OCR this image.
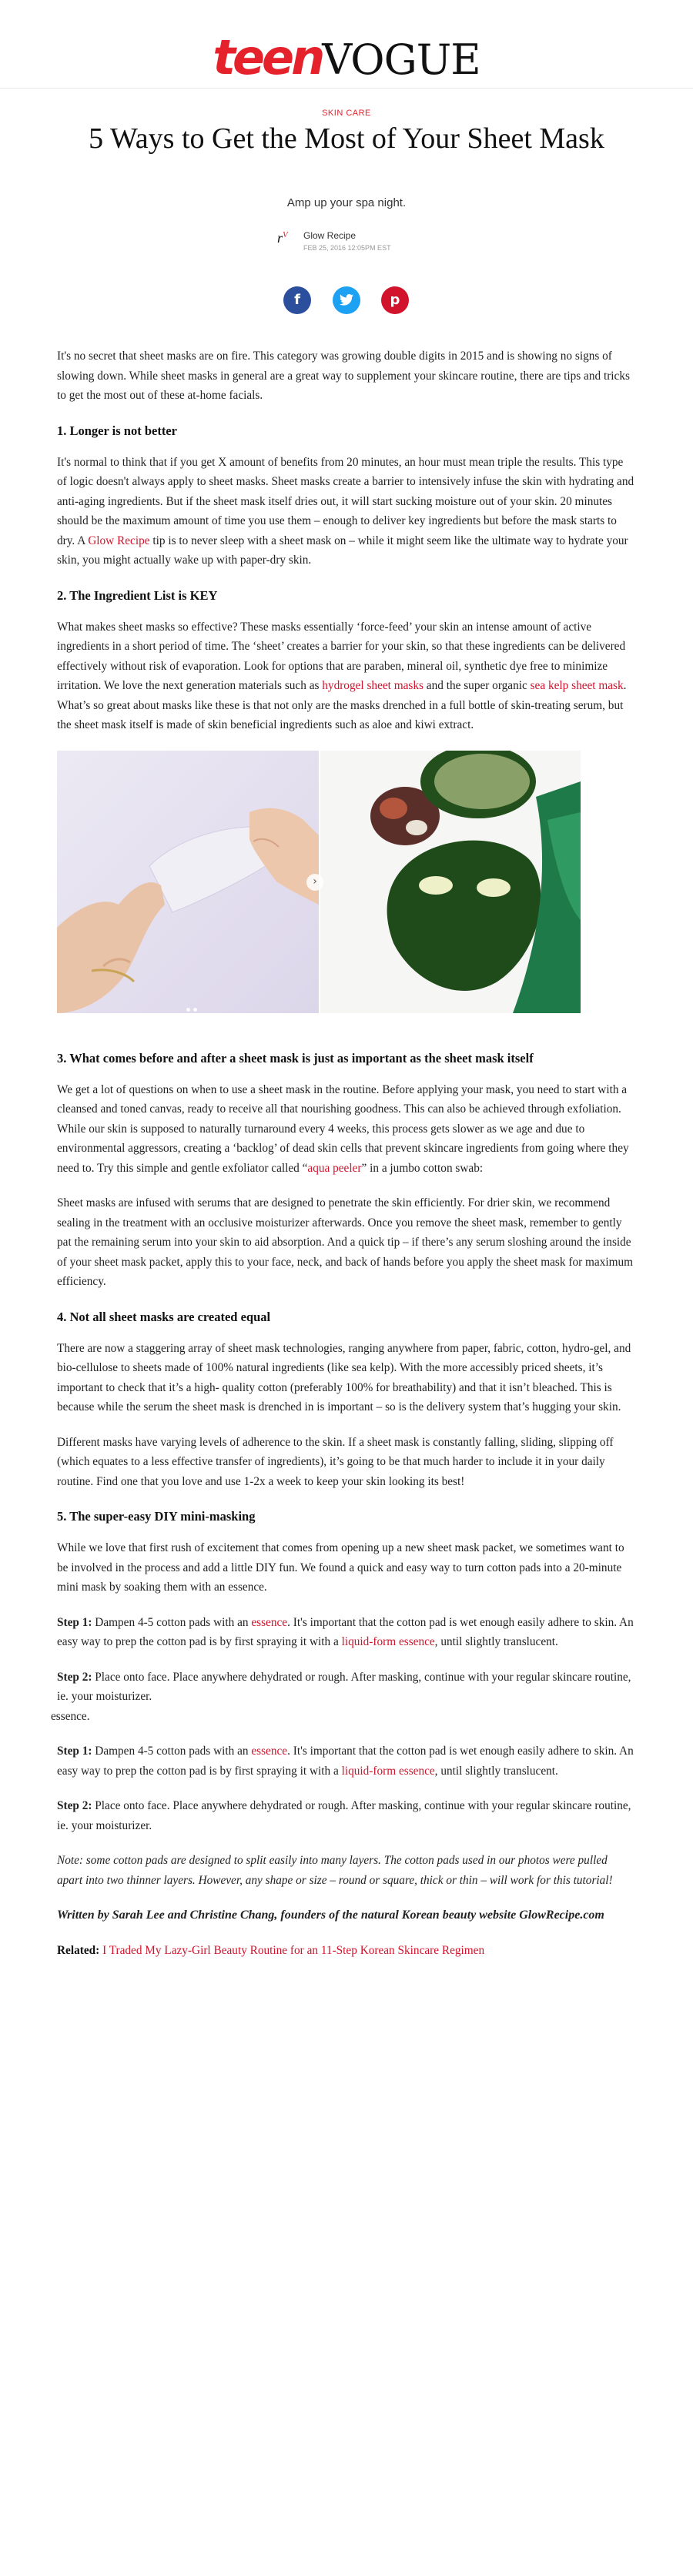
teenVOGUE
SKIN CARE
5 Ways to Get the Most of Your Sheet Mask
Amp up your spa night.
$r^V$	Glow Recipe
FEB 25, 2016 12:05PM EST
f	p

It's no secret that sheet masks are on fire. This category was growing double digits in 2015 and is showing no signs of slowing down. While sheet masks in general are a great way to supplement your skincare routine, there are tips and tricks to get the most out of these at-home facials.

1. Longer is not better

It's normal to think that if you get X amount of benefits from 20 minutes, an hour must mean triple the results. This type of logic doesn't always apply to sheet masks. Sheet masks create a barrier to intensively infuse the skin with hydrating and anti-aging ingredients. But if the sheet mask itself dries out, it will start sucking moisture out of your skin. 20 minutes should be the maximum amount of time you use them – enough to deliver key ingredients but before the mask starts to dry. A Glow Recipe tip is to never sleep with a sheet mask on – while it might seem like the ultimate way to hydrate your skin, you might actually wake up with paper-dry skin.

2. The Ingredient List is KEY

What makes sheet masks so effective? These masks essentially ‘force-feed’ your skin an intense amount of active ingredients in a short period of time. The ‘sheet’ creates a barrier for your skin, so that these ingredients can be delivered effectively without risk of evaporation. Look for options that are paraben, mineral oil, synthetic dye free to minimize irritation. We love the next generation materials such as hydrogel sheet masks and the super organic sea kelp sheet mask. What’s so great about masks like these is that not only are the masks drenched in a full bottle of skin-treating serum, but the sheet mask itself is made of skin beneficial ingredients such as aloe and kiwi extract.

›
3. What comes before and after a sheet mask is just as important as the sheet mask itself

We get a lot of questions on when to use a sheet mask in the routine. Before applying your mask, you need to start with a cleansed and toned canvas, ready to receive all that nourishing goodness. This can also be achieved through exfoliation. While our skin is supposed to naturally turnaround every 4 weeks, this process gets slower as we age and due to environmental aggressors, creating a ‘backlog’ of dead skin cells that prevent skincare ingredients from going where they need to. Try this simple and gentle exfoliator called “aqua peeler” in a jumbo cotton swab:

Sheet masks are infused with serums that are designed to penetrate the skin efficiently. For drier skin, we recommend sealing in the treatment with an occlusive moisturizer afterwards. Once you remove the sheet mask, remember to gently pat the remaining serum into your skin to aid absorption. And a quick tip – if there’s any serum sloshing around the inside of your sheet mask packet, apply this to your face, neck, and back of hands before you apply the sheet mask for maximum efficiency.

4. Not all sheet masks are created equal

There are now a staggering array of sheet mask technologies, ranging anywhere from paper, fabric, cotton, hydro-gel, and bio-cellulose to sheets made of 100% natural ingredients (like sea kelp). With the more accessibly priced sheets, it’s important to check that it’s a high- quality cotton (preferably 100% for breathability) and that it isn’t bleached. This is because while the serum the sheet mask is drenched in is important – so is the delivery system that’s hugging your skin.

Different masks have varying levels of adherence to the skin. If a sheet mask is constantly falling, sliding, slipping off (which equates to a less effective transfer of ingredients), it’s going to be that much harder to include it in your daily routine. Find one that you love and use 1-2x a week to keep your skin looking its best!

5. The super-easy DIY mini-masking

While we love that first rush of excitement that comes from opening up a new sheet mask packet, we sometimes want to be involved in the process and add a little DIY fun. We found a quick and easy way to turn cotton pads into a 20-minute mini mask by soaking them with an essence.

Step 1: Dampen 4-5 cotton pads with an essence. It's important that the cotton pad is wet enough easily adhere to skin. An easy way to prep the cotton pad is by first spraying it with a liquid-form essence, until slightly translucent.

Step 2: Place onto face. Place anywhere dehydrated or rough. After masking, continue with your regular skincare routine, ie. your moisturizer.

essence.

Step 1: Dampen 4-5 cotton pads with an essence. It's important that the cotton pad is wet enough easily adhere to skin. An easy way to prep the cotton pad is by first spraying it with a liquid-form essence, until slightly translucent.

Step 2: Place onto face. Place anywhere dehydrated or rough. After masking, continue with your regular skincare routine, ie. your moisturizer.

Note: some cotton pads are designed to split easily into many layers. The cotton pads used in our photos were pulled apart into two thinner layers. However, any shape or size – round or square, thick or thin – will work for this tutorial!

Written by Sarah Lee and Christine Chang, founders of the natural Korean beauty website GlowRecipe.com

Related: I Traded My Lazy-Girl Beauty Routine for an 11-Step Korean Skincare Regimen
